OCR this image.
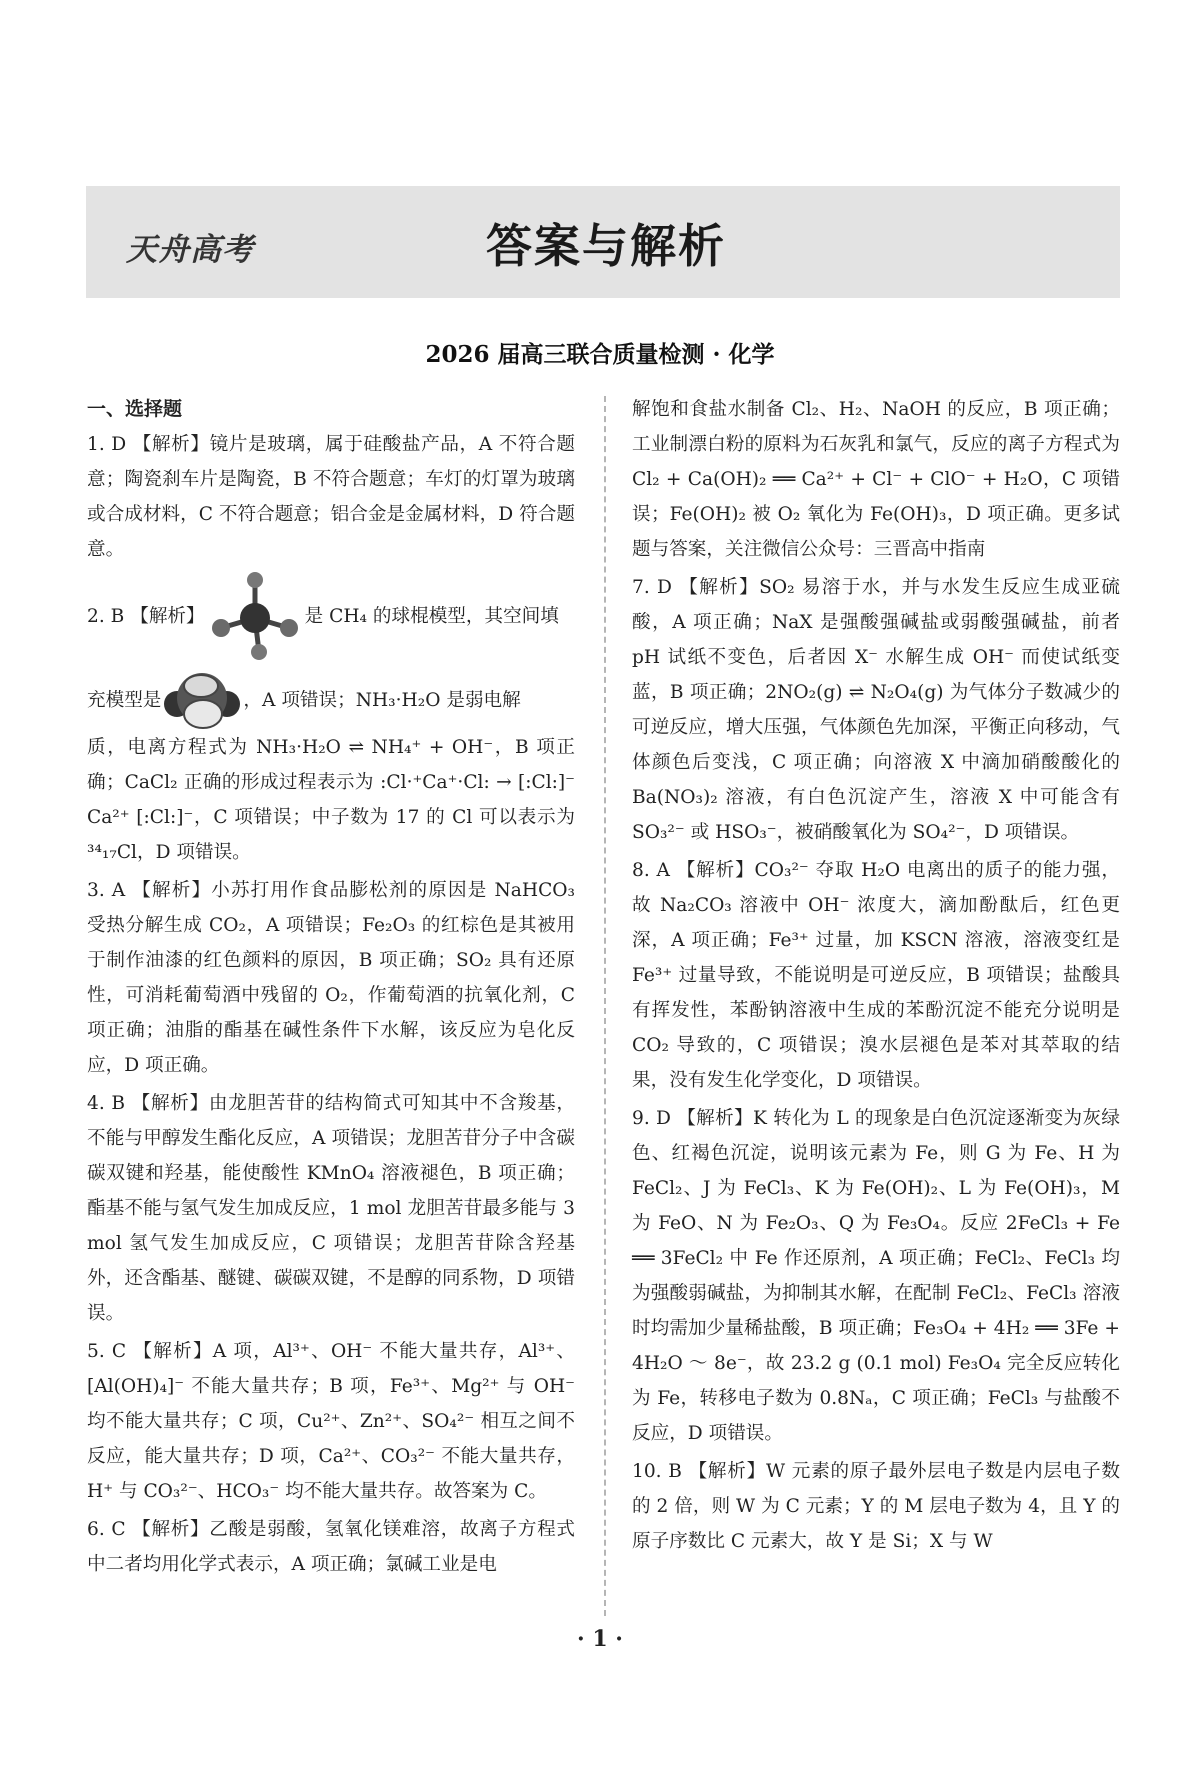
天舟高考	答案与解析
2026 届高三联合质量检测 · 化学
一、选择题

1. D 【解析】镜片是玻璃，属于硅酸盐产品，A 不符合题意；陶瓷刹车片是陶瓷，B 不符合题意；车灯的灯罩为玻璃或合成材料，C 不符合题意；铝合金是金属材料，D 符合题意。

2. B 【解析】	是 CH₄ 的球棍模型，其空间填
充模型是	，A 项错误；NH₃·H₂O 是弱电解

质，电离方程式为 NH₃·H₂O ⇌ NH₄⁺ + OH⁻，B 项正确；CaCl₂ 正确的形成过程表示为 :Cl·⁺Ca⁺·Cl: → [:Cl:]⁻ Ca²⁺ [:Cl:]⁻，C 项错误；中子数为 17 的 Cl 可以表示为 ³⁴₁₇Cl，D 项错误。

3. A 【解析】小苏打用作食品膨松剂的原因是 NaHCO₃ 受热分解生成 CO₂，A 项错误；Fe₂O₃ 的红棕色是其被用于制作油漆的红色颜料的原因，B 项正确；SO₂ 具有还原性，可消耗葡萄酒中残留的 O₂，作葡萄酒的抗氧化剂，C 项正确；油脂的酯基在碱性条件下水解，该反应为皂化反应，D 项正确。

4. B 【解析】由龙胆苦苷的结构简式可知其中不含羧基，不能与甲醇发生酯化反应，A 项错误；龙胆苦苷分子中含碳碳双键和羟基，能使酸性 KMnO₄ 溶液褪色，B 项正确；酯基不能与氢气发生加成反应，1 mol 龙胆苦苷最多能与 3 mol 氢气发生加成反应，C 项错误；龙胆苦苷除含羟基外，还含酯基、醚键、碳碳双键，不是醇的同系物，D 项错误。

5. C 【解析】A 项，Al³⁺、OH⁻ 不能大量共存，Al³⁺、[Al(OH)₄]⁻ 不能大量共存；B 项，Fe³⁺、Mg²⁺ 与 OH⁻ 均不能大量共存；C 项，Cu²⁺、Zn²⁺、SO₄²⁻ 相互之间不反应，能大量共存；D 项，Ca²⁺、CO₃²⁻ 不能大量共存，H⁺ 与 CO₃²⁻、HCO₃⁻ 均不能大量共存。故答案为 C。

6. C 【解析】乙酸是弱酸，氢氧化镁难溶，故离子方程式中二者均用化学式表示，A 项正确；氯碱工业是电

解饱和食盐水制备 Cl₂、H₂、NaOH 的反应，B 项正确；工业制漂白粉的原料为石灰乳和氯气，反应的离子方程式为 Cl₂ + Ca(OH)₂ ══ Ca²⁺ + Cl⁻ + ClO⁻ + H₂O，C 项错误；Fe(OH)₂ 被 O₂ 氧化为 Fe(OH)₃，D 项正确。更多试题与答案，关注微信公众号：三晋高中指南

7. D 【解析】SO₂ 易溶于水，并与水发生反应生成亚硫酸，A 项正确；NaX 是强酸强碱盐或弱酸强碱盐，前者 pH 试纸不变色，后者因 X⁻ 水解生成 OH⁻ 而使试纸变蓝，B 项正确；2NO₂(g) ⇌ N₂O₄(g) 为气体分子数减少的可逆反应，增大压强，气体颜色先加深，平衡正向移动，气体颜色后变浅，C 项正确；向溶液 X 中滴加硝酸酸化的 Ba(NO₃)₂ 溶液，有白色沉淀产生，溶液 X 中可能含有 SO₃²⁻ 或 HSO₃⁻，被硝酸氧化为 SO₄²⁻，D 项错误。

8. A 【解析】CO₃²⁻ 夺取 H₂O 电离出的质子的能力强，故 Na₂CO₃ 溶液中 OH⁻ 浓度大，滴加酚酞后，红色更深，A 项正确；Fe³⁺ 过量，加 KSCN 溶液，溶液变红是 Fe³⁺ 过量导致，不能说明是可逆反应，B 项错误；盐酸具有挥发性，苯酚钠溶液中生成的苯酚沉淀不能充分说明是 CO₂ 导致的，C 项错误；溴水层褪色是苯对其萃取的结果，没有发生化学变化，D 项错误。

9. D 【解析】K 转化为 L 的现象是白色沉淀逐渐变为灰绿色、红褐色沉淀，说明该元素为 Fe，则 G 为 Fe、H 为 FeCl₂、J 为 FeCl₃、K 为 Fe(OH)₂、L 为 Fe(OH)₃，M 为 FeO、N 为 Fe₂O₃、Q 为 Fe₃O₄。反应 2FeCl₃ + Fe ══ 3FeCl₂ 中 Fe 作还原剂，A 项正确；FeCl₂、FeCl₃ 均为强酸弱碱盐，为抑制其水解，在配制 FeCl₂、FeCl₃ 溶液时均需加少量稀盐酸，B 项正确；Fe₃O₄ + 4H₂ ══ 3Fe + 4H₂O ～ 8e⁻，故 23.2 g (0.1 mol) Fe₃O₄ 完全反应转化为 Fe，转移电子数为 0.8Nₐ，C 项正确；FeCl₃ 与盐酸不反应，D 项错误。

10. B 【解析】W 元素的原子最外层电子数是内层电子数的 2 倍，则 W 为 C 元素；Y 的 M 层电子数为 4，且 Y 的原子序数比 C 元素大，故 Y 是 Si；X 与 W

· 1 ·
